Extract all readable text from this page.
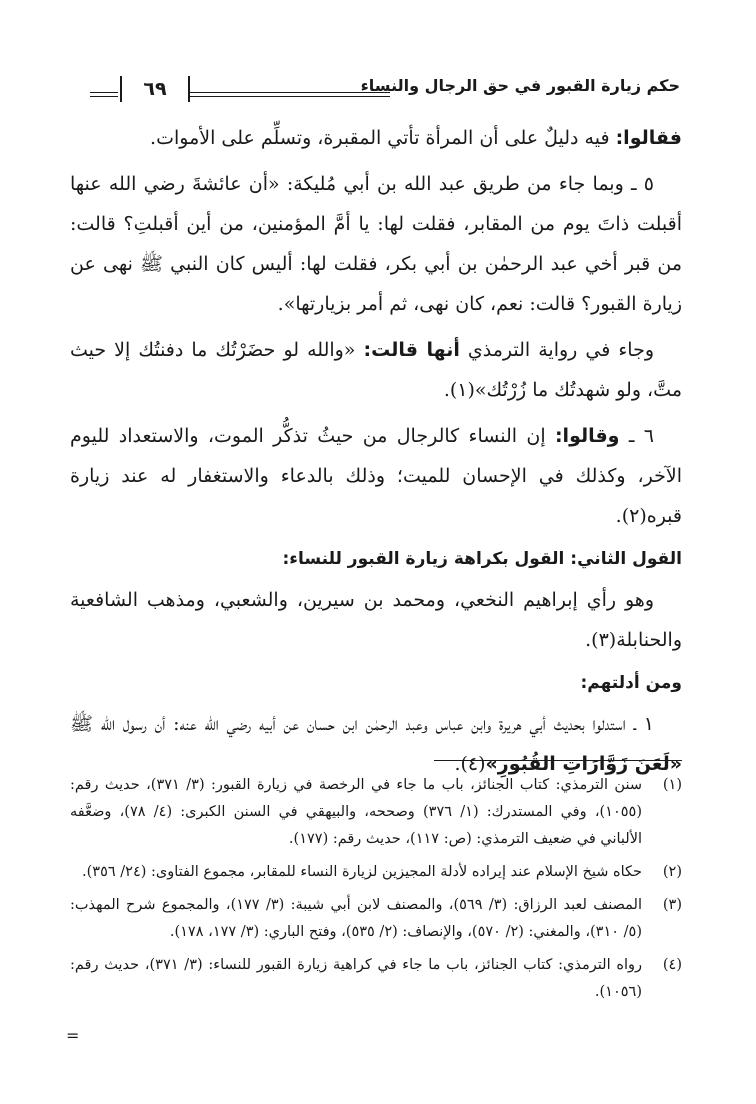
حكم زيارة القبور في حق الرجال والنساء
٦٩

فقالوا: فيه دليلٌ على أن المرأة تأتي المقبرة، وتسلِّم على الأموات.

٥ ـ وبما جاء من طريق عبد الله بن أبي مُليكة: «أن عائشةَ رضي الله عنها أقبلت ذاتَ يوم من المقابر، فقلت لها: يا أمَّ المؤمنين، من أين أقبلتِ؟ قالت: من قبر أخي عبد الرحمٰن بن أبي بكر، فقلت لها: أليس كان النبي ﷺ نهى عن زيارة القبور؟ قالت: نعم، كان نهى، ثم أمر بزيارتها».

وجاء في رواية الترمذي أنها قالت: «والله لو حضَرْتُك ما دفنتُك إلا حيث متَّ، ولو شهدتُك ما زُرْتُك»(١).

٦ ـ وقالوا: إن النساء كالرجال من حيثُ تذكُّر الموت، والاستعداد لليوم الآخر، وكذلك في الإحسان للميت؛ وذلك بالدعاء والاستغفار له عند زيارة قبره(٢).

القول الثاني: القول بكراهة زيارة القبور للنساء:

وهو رأي إبراهيم النخعي، ومحمد بن سيرين، والشعبي، ومذهب الشافعية والحنابلة(٣).

ومن أدلتهم:

١ ـ استدلوا بحديث أبي هريرة وابن عباس وعبد الرحمٰن ابن حسان عن أبيه رضي الله عنه: أن رسول الله ﷺ «لَعَنَ زَوَّارَاتِ القُبُورِ»(٤).

(١)
سنن الترمذي: كتاب الجنائز، باب ما جاء في الرخصة في زيارة القبور: (٣/ ٣٧١)، حديث رقم: (١٠٥٥)، وفي المستدرك: (١/ ٣٧٦) وصححه، والبيهقي في السنن الكبرى: (٤/ ٧٨)، وضعَّفه الألباني في ضعيف الترمذي: (ص: ١١٧)، حديث رقم: (١٧٧).
(٢)
حكاه شيخ الإسلام عند إيراده لأدلة المجيزين لزيارة النساء للمقابر، مجموع الفتاوى: (٢٤/ ٣٥٦).
(٣)
المصنف لعبد الرزاق: (٣/ ٥٦٩)، والمصنف لابن أبي شيبة: (٣/ ١٧٧)، والمجموع شرح المهذب: (٥/ ٣١٠)، والمغني: (٢/ ٥٧٠)، والإنصاف: (٢/ ٥٣٥)، وفتح الباري: (٣/ ١٧٧، ١٧٨).
(٤)
رواه الترمذي: كتاب الجنائز، باب ما جاء في كراهية زيارة القبور للنساء: (٣/ ٣٧١)، حديث رقم: (١٠٥٦).
=
